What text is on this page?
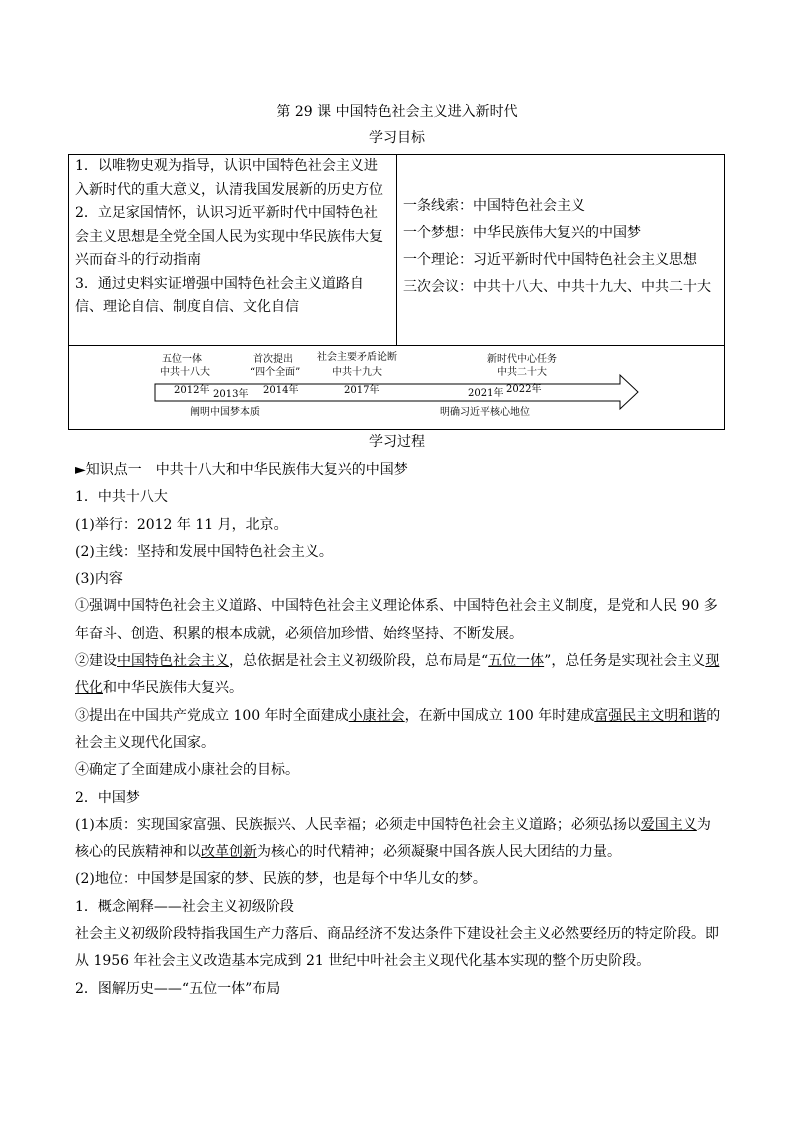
第 29 课 中国特色社会主义进入新时代
学习目标

1．以唯物史观为指导，认识中国特色社会主义进入新时代的重大意义，认清我国发展新的历史方位

2．立足家国情怀，认识习近平新时代中国特色社会主义思想是全党全国人民为实现中华民族伟大复兴而奋斗的行动指南

3．通过史料实证增强中国特色社会主义道路自信、理论自信、制度自信、文化自信

一条线索：中国特色社会主义

一个梦想：中华民族伟大复兴的中国梦

一个理论：习近平新时代中国特色社会主义思想

三次会议：中共十八大、中共十九大、中共二十大

五位一体
中共十八大
首次提出
“四个全面”
社会主要矛盾论断
中共十九大
新时代中心任务
中共二十大
2012年 2013年 2014年	2017年	2021年 2022年
阐明中国梦本质	明确习近平核心地位
学习过程

►知识点一　中共十八大和中华民族伟大复兴的中国梦

1．中共十八大

(1)举行：2012 年 11 月，北京。

(2)主线：坚持和发展中国特色社会主义。

(3)内容

①强调中国特色社会主义道路、中国特色社会主义理论体系、中国特色社会主义制度，是党和人民 90 多年奋斗、创造、积累的根本成就，必须倍加珍惜、始终坚持、不断发展。

②建设中国特色社会主义，总依据是社会主义初级阶段，总布局是“五位一体”，总任务是实现社会主义现代化和中华民族伟大复兴。

③提出在中国共产党成立 100 年时全面建成小康社会，在新中国成立 100 年时建成富强民主文明和谐的社会主义现代化国家。

④确定了全面建成小康社会的目标。

2．中国梦

(1)本质：实现国家富强、民族振兴、人民幸福；必须走中国特色社会主义道路；必须弘扬以爱国主义为核心的民族精神和以改革创新为核心的时代精神；必须凝聚中国各族人民大团结的力量。

(2)地位：中国梦是国家的梦、民族的梦，也是每个中华儿女的梦。

1．概念阐释——社会主义初级阶段

社会主义初级阶段特指我国生产力落后、商品经济不发达条件下建设社会主义必然要经历的特定阶段。即从 1956 年社会主义改造基本完成到 21 世纪中叶社会主义现代化基本实现的整个历史阶段。

2．图解历史——“五位一体”布局
